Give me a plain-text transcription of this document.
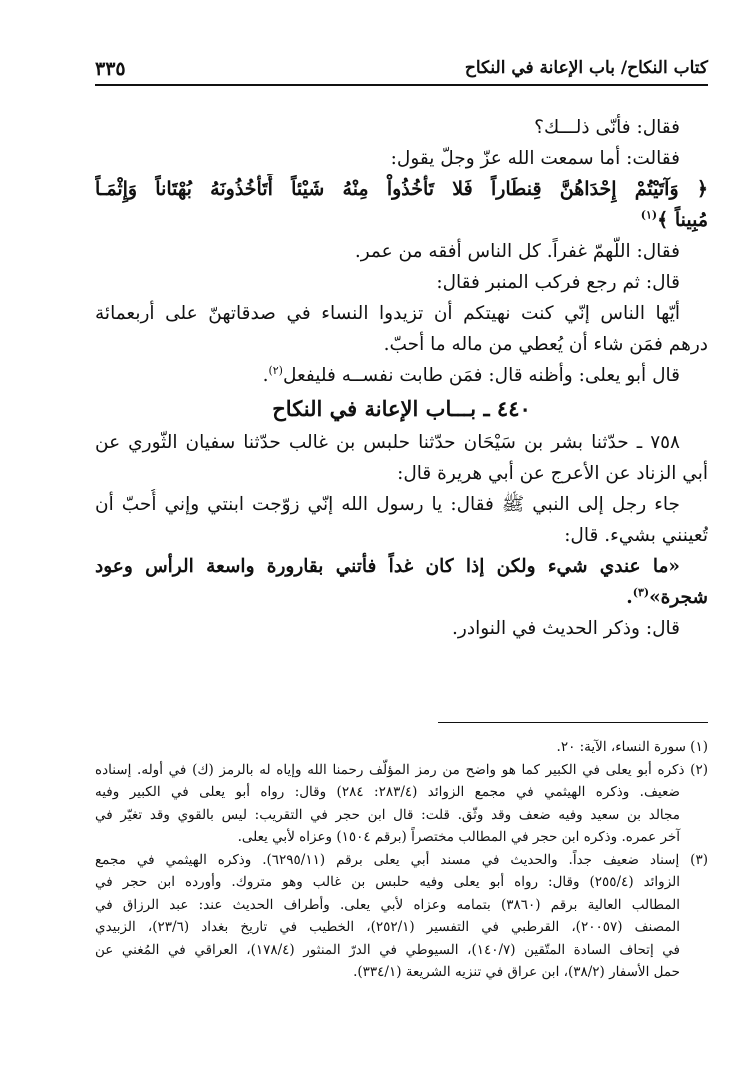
كتاب النكاح/ باب الإعانة في النكاح
٣٣٥
فقال: فأنّى ذلـــك؟
فقالت: أما سمعت الله عزّ وجلّ يقول:
﴿ وَآتَيْتُمْ إِحْدَاهُنَّ قِنطَاراً فَلا تَأْخُذُواْ مِنْهُ شَيْئاً أَتَأْخُذُونَهُ بُهْتَاناً وَإِثْمَـاً
مُبِيناً ﴾$^{(١)}$
فقال: اللّهمّ غفراً. كل الناس أفقه من عمر.
قال: ثم رجع فركب المنبر فقال:
أيّها الناس إنّي كنت نهيتكم أن تزيدوا النساء في صدقاتهنّ على أربعمائة
درهم فمَن شاء أن يُعطي من ماله ما أحبّ.
قال أبو يعلى: وأظنه قال: فمَن طابت نفســه فليفعل$^{(٢)}$.
٤٤٠ ـ بـــاب الإعانة في النكاح
٧٥٨ ـ حدّثنا بشر بن سَيْحَان حدّثنا حلبس بن غالب حدّثنا سفيان الثّوري عن
أبي الزناد عن الأعرج عن أبي هريرة قال:
جاء رجل إلى النبي ﷺ فقال: يا رسول الله إنّي زوّجت ابنتي وإني أُحبّ أن
تُعينني بشيء. قال:
«ما عندي شيء ولكن إذا كان غداً فأتني بقارورة واسعة الرأس وعود
شجرة»$^{(٣)}$.
قال: وذكر الحديث في النوادر.
(١) سورة النساء، الآية: ٢٠.
(٢) ذكره أبو يعلى في الكبير كما هو واضح من رمز المؤلّف رحمنا الله وإياه له بالرمز (ك) في أوله. إسناده
ضعيف. وذكره الهيثمي في مجمع الزوائد (٢٨٣/٤: ٢٨٤) وقال: رواه أبو يعلى في الكبير وفيه
مجالد بن سعيد وفيه ضعف وقد وثّق. قلت: قال ابن حجر في التقريب: ليس بالقوي وقد تغيّر في
آخر عمره. وذكره ابن حجر في المطالب مختصراً (برقم ١٥٠٤) وعزاه لأبي يعلى.
(٣) إسناد ضعيف جداً. والحديث في مسند أبي يعلى برقم (٦٢٩٥/١١). وذكره الهيثمي في مجمع
الزوائد (٢٥٥/٤) وقال: رواه أبو يعلى وفيه حلبس بن غالب وهو متروك. وأورده ابن حجر في
المطالب العالية برقم (٣٨٦٠) بتمامه وعزاه لأبي يعلى. وأطراف الحديث عند: عبد الرزاق في
المصنف (٢٠٠٥٧)، القرطبي في التفسير (٢٥٢/١)، الخطيب في تاريخ بغداد (٢٣/٦)، الزبيدي
في إتحاف السادة المتّقين (١٤٠/٧)، السيوطي في الدرّ المنثور (١٧٨/٤)، العراقي في المُغني عن
حمل الأسفار (٣٨/٢)، ابن عراق في تنزيه الشريعة (٣٣٤/١).
